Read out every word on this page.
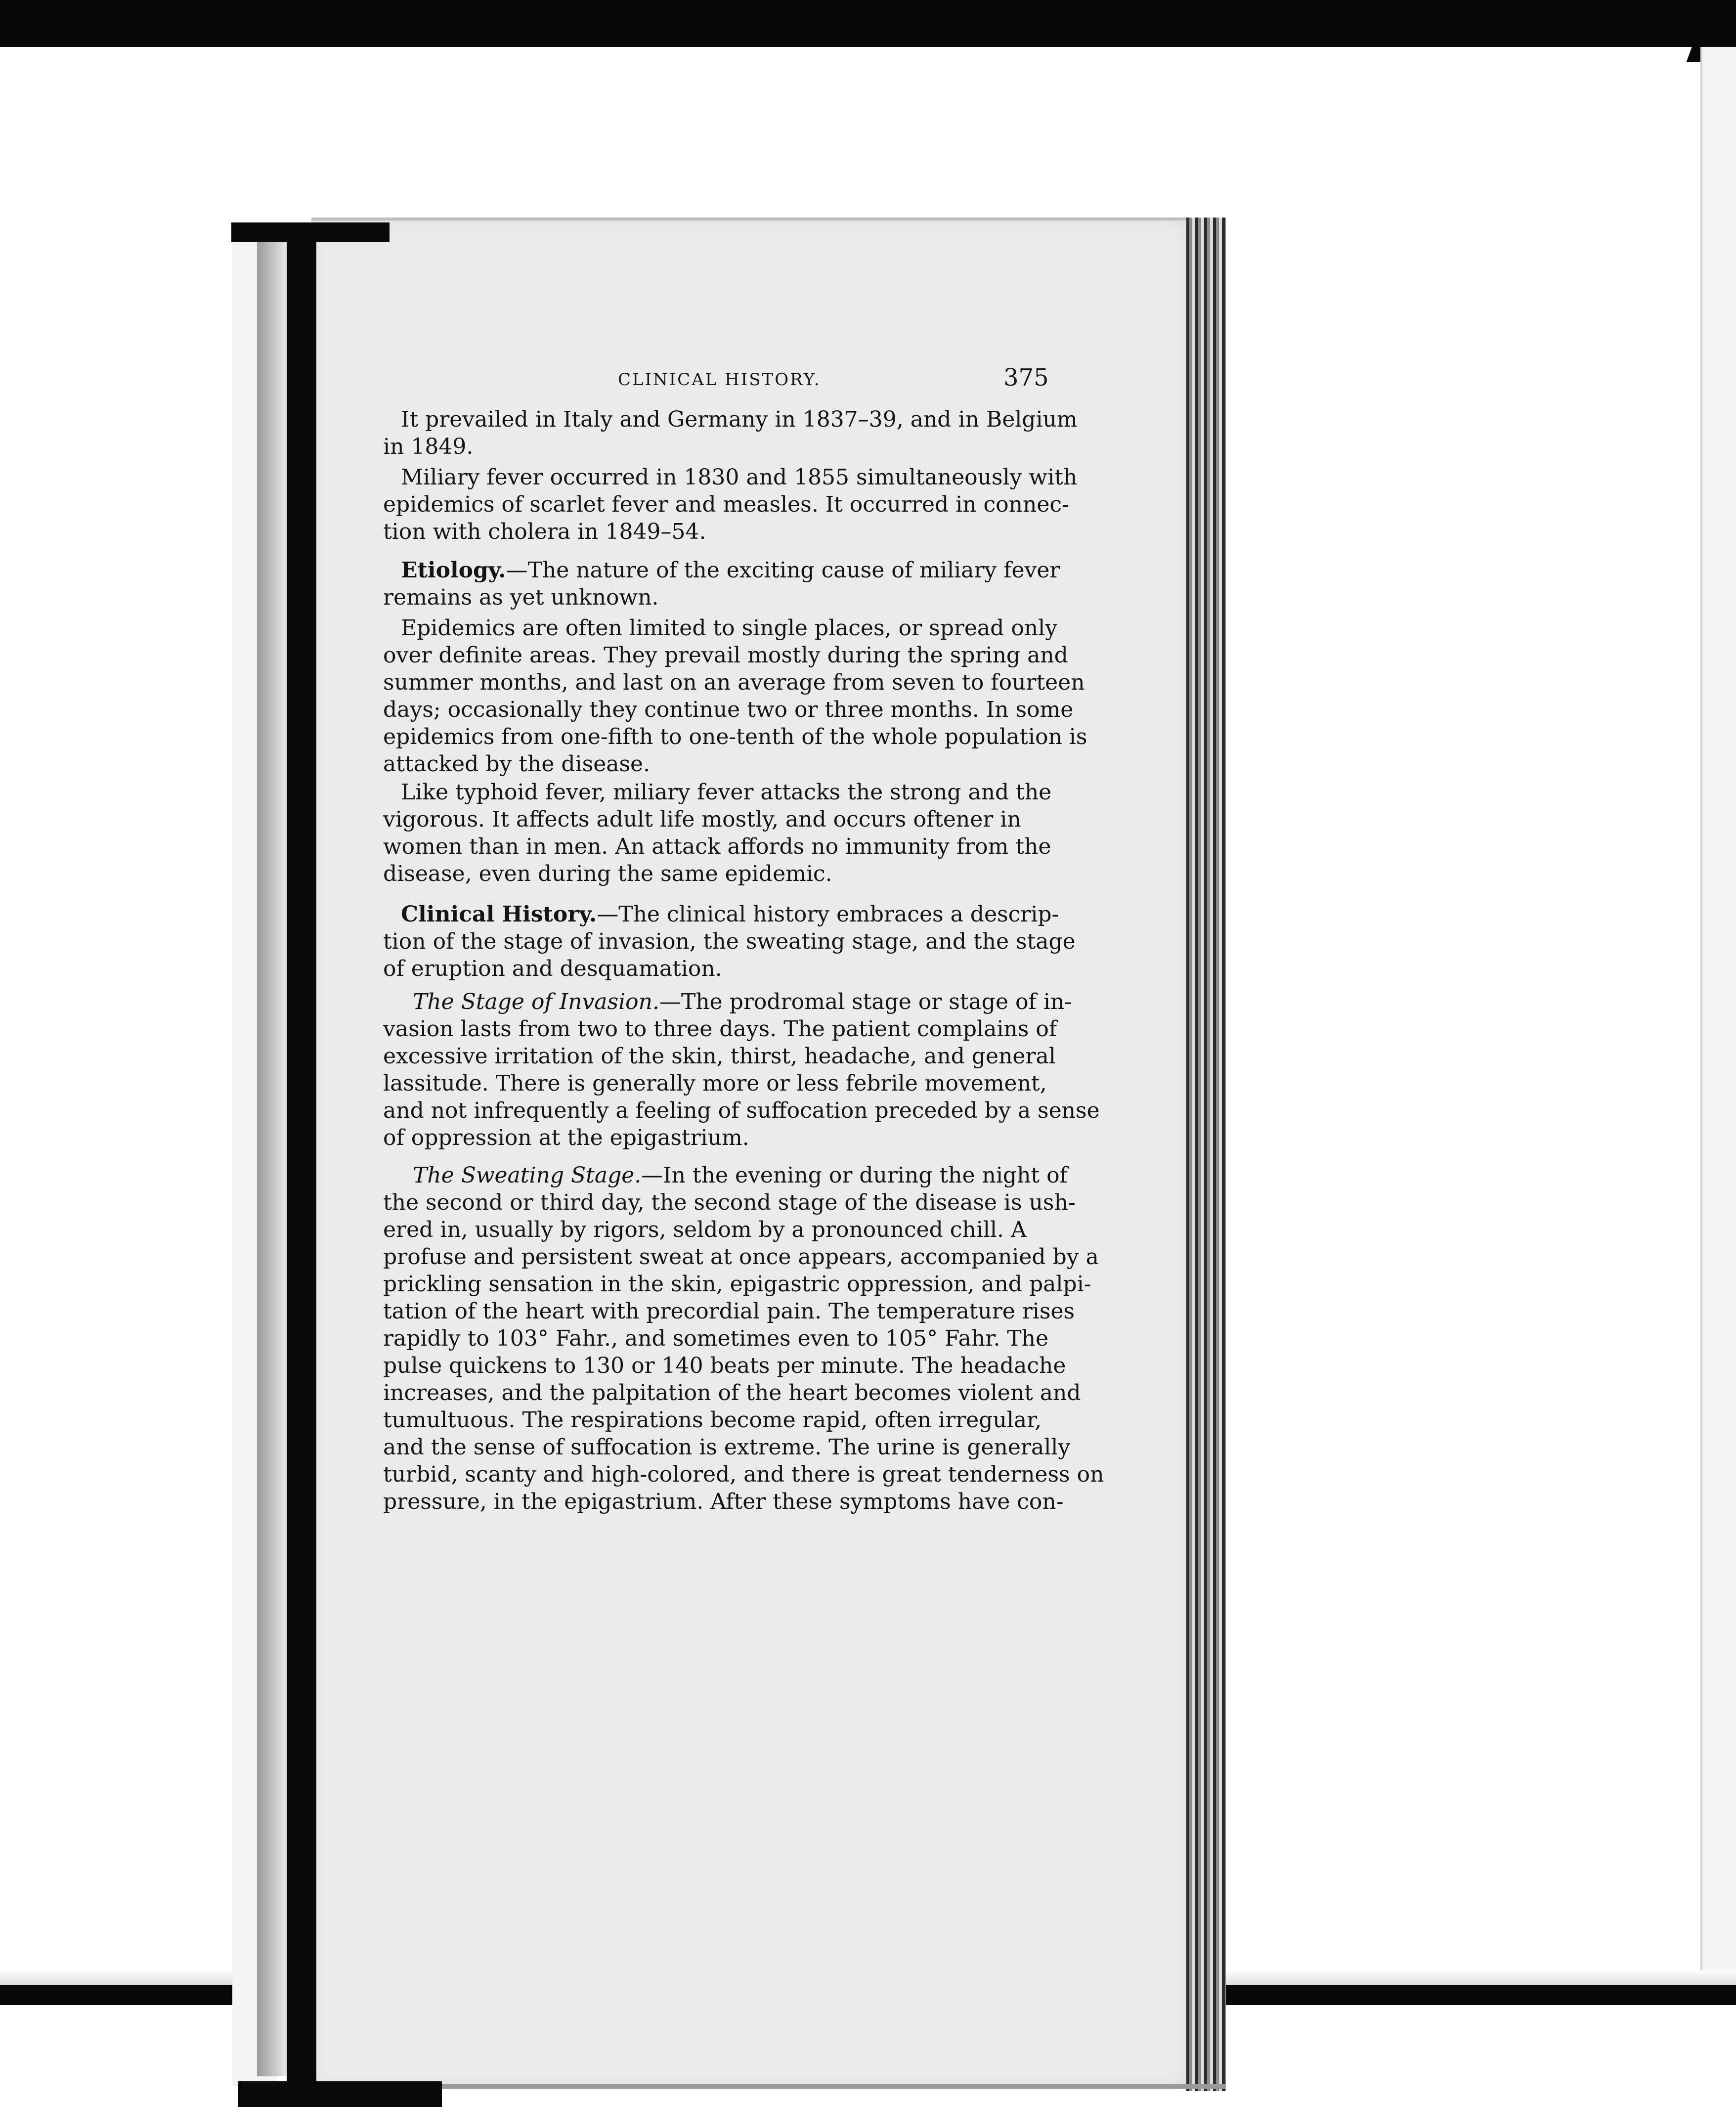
CLINICAL HISTORY.	375
It prevailed in Italy and Germany in 1837–39, and in Belgium
in 1849.
Miliary fever occurred in 1830 and 1855 simultaneously with
epidemics of scarlet fever and measles. It occurred in connec-
tion with cholera in 1849–54.
Etiology.—The nature of the exciting cause of miliary fever
remains as yet unknown.
Epidemics are often limited to single places, or spread only
over definite areas. They prevail mostly during the spring and
summer months, and last on an average from seven to fourteen
days; occasionally they continue two or three months. In some
epidemics from one-fifth to one-tenth of the whole population is
attacked by the disease.
Like typhoid fever, miliary fever attacks the strong and the
vigorous. It affects adult life mostly, and occurs oftener in
women than in men. An attack affords no immunity from the
disease, even during the same epidemic.
Clinical History.—The clinical history embraces a descrip-
tion of the stage of invasion, the sweating stage, and the stage
of eruption and desquamation.
The Stage of Invasion.—The prodromal stage or stage of in-
vasion lasts from two to three days. The patient complains of
excessive irritation of the skin, thirst, headache, and general
lassitude. There is generally more or less febrile movement,
and not infrequently a feeling of suffocation preceded by a sense
of oppression at the epigastrium.
The Sweating Stage.—In the evening or during the night of
the second or third day, the second stage of the disease is ush-
ered in, usually by rigors, seldom by a pronounced chill. A
profuse and persistent sweat at once appears, accompanied by a
prickling sensation in the skin, epigastric oppression, and palpi-
tation of the heart with precordial pain. The temperature rises
rapidly to 103° Fahr., and sometimes even to 105° Fahr. The
pulse quickens to 130 or 140 beats per minute. The headache
increases, and the palpitation of the heart becomes violent and
tumultuous. The respirations become rapid, often irregular,
and the sense of suffocation is extreme. The urine is generally
turbid, scanty and high-colored, and there is great tenderness on
pressure, in the epigastrium. After these symptoms have con-
